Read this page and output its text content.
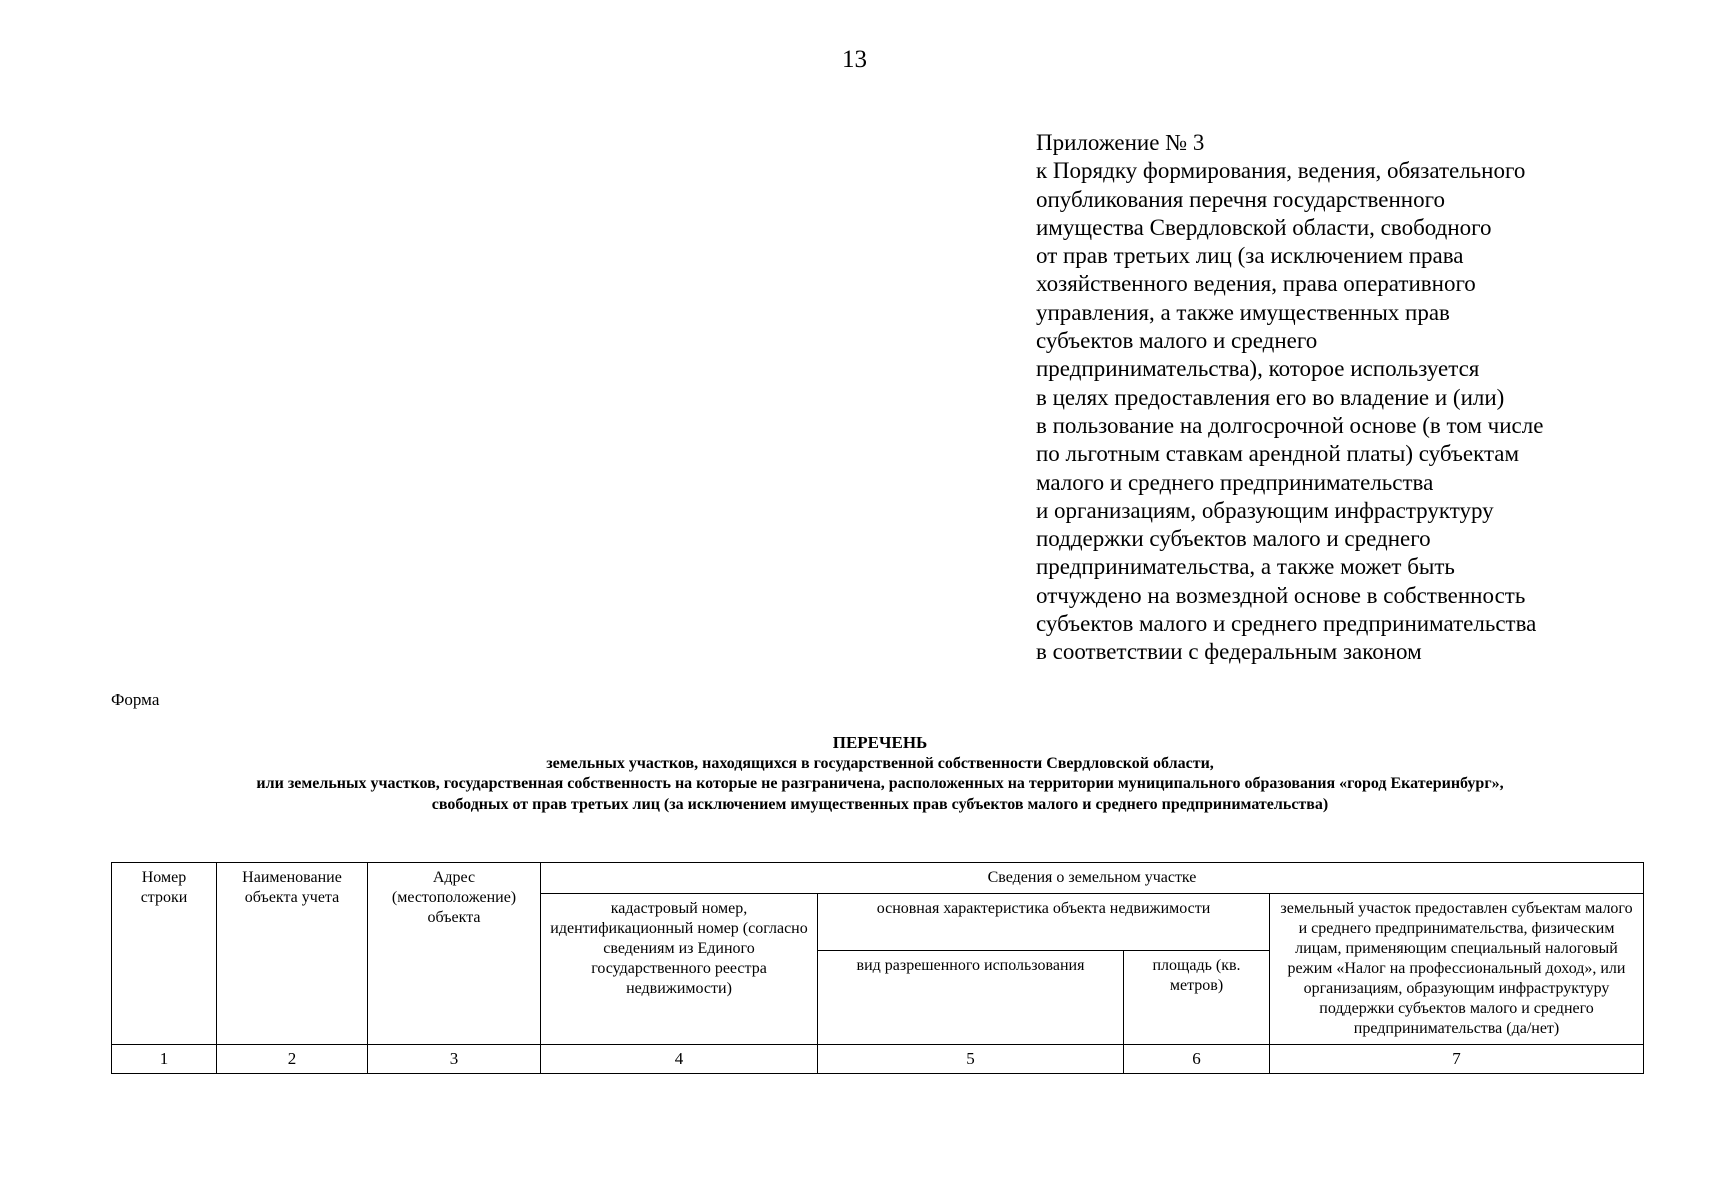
13
Приложение № 3
к Порядку формирования, ведения, обязательного
опубликования перечня государственного
имущества Свердловской области, свободного
от прав третьих лиц (за исключением права
хозяйственного ведения, права оперативного
управления, а также имущественных прав
субъектов малого и среднего
предпринимательства), которое используется
в целях предоставления его во владение и (или)
в пользование на долгосрочной основе (в том числе
по льготным ставкам арендной платы) субъектам
малого и среднего предпринимательства
и организациям, образующим инфраструктуру
поддержки субъектов малого и среднего
предпринимательства, а также может быть
отчуждено на возмездной основе в собственность
субъектов малого и среднего предпринимательства
в соответствии с федеральным законом
Форма
ПЕРЕЧЕНЬ
земельных участков, находящихся в государственной собственности Свердловской области,
или земельных участков, государственная собственность на которые не разграничена, расположенных на территории муниципального образования «город Екатеринбург»,
свободных от прав третьих лиц (за исключением имущественных прав субъектов малого и среднего предпринимательства)
Номер строки	Наименование объекта учета	Адрес (местоположение) объекта	Сведения о земельном участке			
			кадастровый номер, идентификационный номер (согласно сведениям из Единого государственного реестра недвижимости)	основная характеристика объекта недвижимости		земельный участок предоставлен субъектам малого и среднего предпринимательства, физическим лицам, применяющим специальный налоговый режим «Налог на профессиональный доход», или организациям, образующим инфраструктуру поддержки субъектов малого и среднего предпринимательства (да/нет)
				вид разрешенного использования	площадь (кв. метров)	
1	2	3	4	5	6	7
